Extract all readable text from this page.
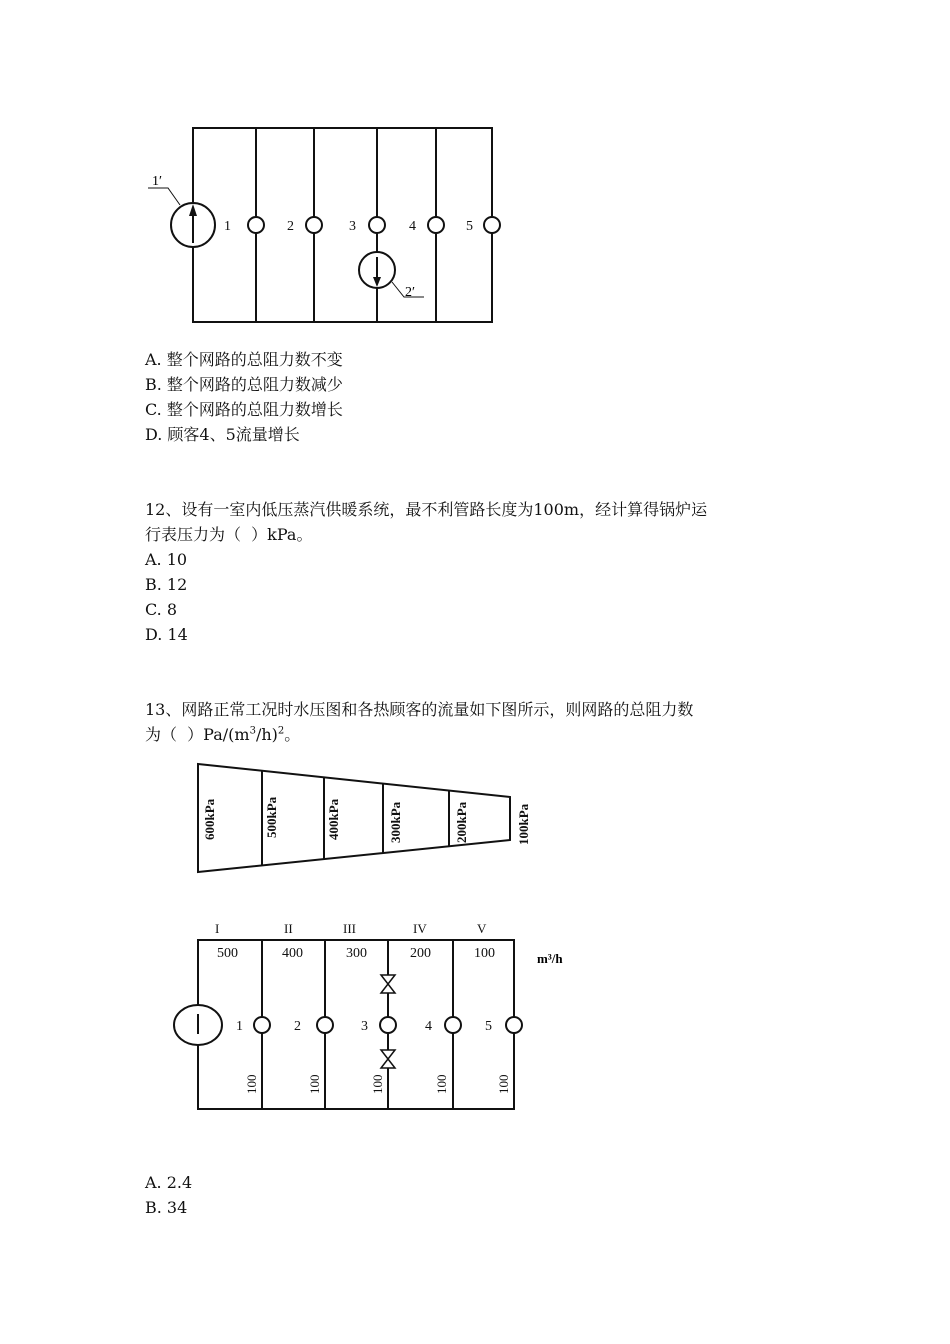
1′
1	2	3	4	5
2′
A. 整个网路的总阻力数不变
B. 整个网路的总阻力数减少
C. 整个网路的总阻力数增长
D. 顾客4、5流量增长
12、设有一室内低压蒸汽供暖系统，最不利管路长度为100m，经计算得锅炉运
行表压力为（  ）kPa。
A. 10
B. 12
C. 8
D. 14
13、网路正常工况时水压图和各热顾客的流量如下图所示，则网路的总阻力数
为（  ）$Pa/(m^3/h)^2$。
600kPa	500kPa	400kPa	300kPa	200kPa	100kPa
I	II	III	IV	V
500	400	300	200	100	m³/h
1	2	3	4	5
100	100	100	100	100
A. 2.4
B. 34
